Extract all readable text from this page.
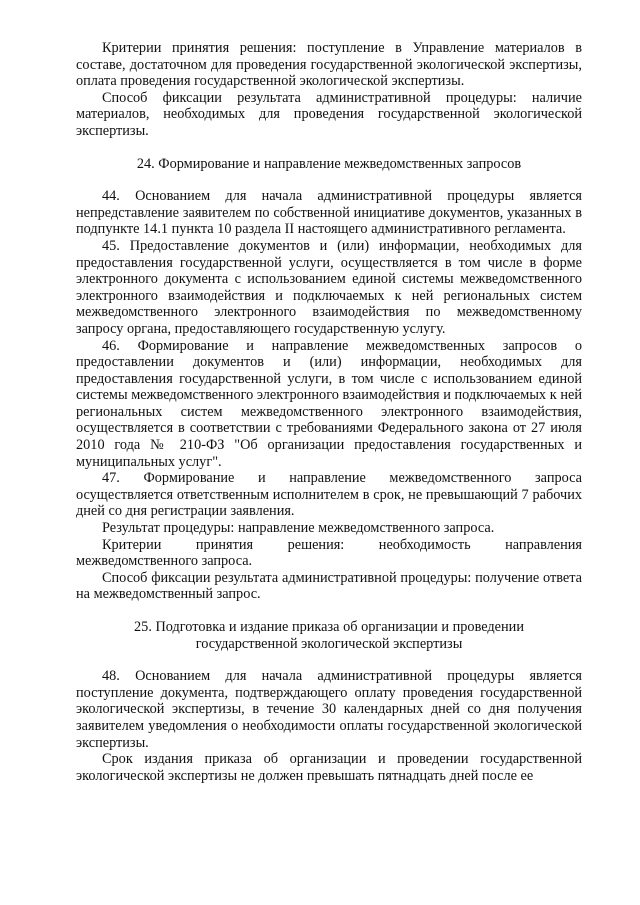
Критерии принятия решения: поступление в Управление материалов в составе, достаточном для проведения государственной экологической экспертизы, оплата проведения государственной экологической экспертизы.

Способ фиксации результата административной процедуры: наличие материалов, необходимых для проведения государственной экологической экспертизы.

24. Формирование и направление межведомственных запросов

44. Основанием для начала административной процедуры является непредставление заявителем по собственной инициативе документов, указанных в подпункте 14.1 пункта 10 раздела II настоящего административного регламента.

45. Предоставление документов и (или) информации, необходимых для предоставления государственной услуги, осуществляется в том числе в форме электронного документа с использованием единой системы межведомственного электронного взаимодействия и подключаемых к ней региональных систем межведомственного электронного взаимодействия по межведомственному запросу органа, предоставляющего государственную услугу.

46. Формирование и направление межведомственных запросов о предоставлении документов и (или) информации, необходимых для предоставления государственной услуги, в том числе с использованием единой системы межведомственного электронного взаимодействия и подключаемых к ней региональных систем межведомственного электронного взаимодействия, осуществляется в соответствии с требованиями Федерального закона от 27 июля 2010 года № 210-ФЗ "Об организации предоставления государственных и муниципальных услуг".

47. Формирование и направление межведомственного запроса осуществляется ответственным исполнителем в срок, не превышающий 7 рабочих дней со дня регистрации заявления.

Результат процедуры: направление межведомственного запроса.

Критерии принятия решения: необходимость направления межведомственного запроса.

Способ фиксации результата административной процедуры: получение ответа на межведомственный запрос.

25. Подготовка и издание приказа об организации и проведении государственной экологической экспертизы

48. Основанием для начала административной процедуры является поступление документа, подтверждающего оплату проведения государственной экологической экспертизы, в течение 30 календарных дней со дня получения заявителем уведомления о необходимости оплаты государственной экологической экспертизы.

Срок издания приказа об организации и проведении государственной экологической экспертизы не должен превышать пятнадцать дней после ее
